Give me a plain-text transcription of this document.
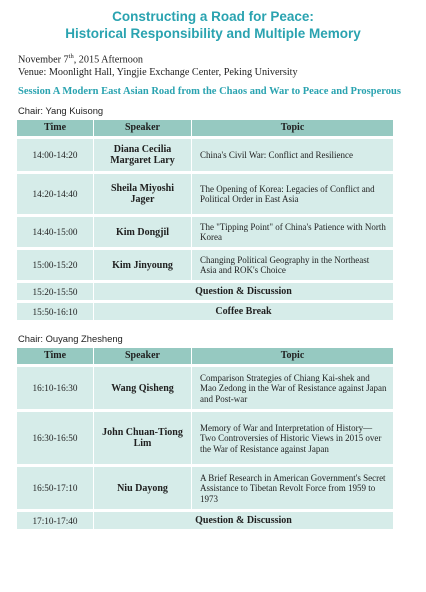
Constructing a Road for Peace:
Historical Responsibility and Multiple Memory
November 7th, 2015 Afternoon
Venue: Moonlight Hall, Yingjie Exchange Center, Peking University
Session A Modern East Asian Road from the Chaos and War to Peace and Prosperous
Chair: Yang Kuisong
Time	Speaker	Topic
14:00-14:20	Diana Cecilia Margaret Lary	China's Civil War: Conflict and Resilience
14:20-14:40	Sheila Miyoshi Jager	The Opening of Korea: Legacies of Conflict and Political Order in East Asia
14:40-15:00	Kim Dongjil	The "Tipping Point" of China's Patience with North Korea
15:00-15:20	Kim Jinyoung	Changing Political Geography in the Northeast Asia and ROK's Choice
15:20-15:50	Question & Discussion	
15:50-16:10	Coffee Break	
Chair: Ouyang Zhesheng
Time	Speaker	Topic
16:10-16:30	Wang Qisheng	Comparison Strategies of Chiang Kai-shek and Mao Zedong in the War of Resistance against Japan and Post-war
16:30-16:50	John Chuan-Tiong Lim	Memory of War and Interpretation of History—Two Controversies of Historic Views in 2015 over the War of Resistance against Japan
16:50-17:10	Niu Dayong	A Brief Research in American Government's Secret Assistance to Tibetan Revolt Force from 1959 to 1973
17:10-17:40	Question & Discussion	
